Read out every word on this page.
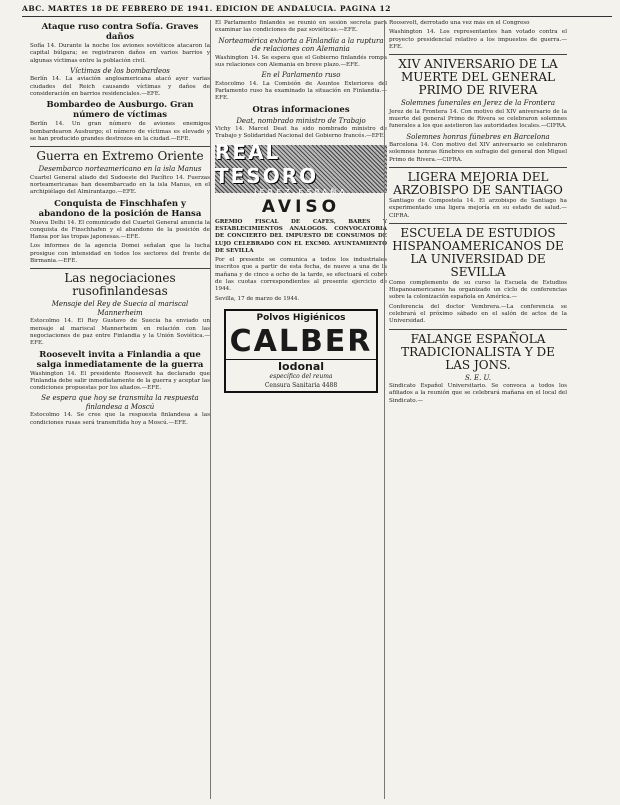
ABC. MARTES 18 DE FEBRERO DE 1941. EDICION DE ANDALUCIA. PAGINA 12
Ataque ruso contra Sofía. Graves daños
Sofía 14. Durante la noche los aviones soviéticos atacaron la capital búlgara; se registraron daños en varios barrios y algunas víctimas entre la población civil.
Víctimas de los bombardeos
Berlín 14. La aviación angloamericana atacó ayer varias ciudades del Reich causando víctimas y daños de consideración en barrios residenciales.—EFE.
Bombardeo de Ausburgo. Gran número de víctimas
Berlín 14. Un gran número de aviones enemigos bombardearon Ausburgo; el número de víctimas es elevado y se han producido grandes destrozos en la ciudad.—EFE.
Guerra en Extremo Oriente
Desembarco norteamericano en la isla Manus
Cuartel General aliado del Sudoeste del Pacífico 14. Fuerzas norteamericanas han desembarcado en la isla Manus, en el archipiélago del Almirantazgo.—EFE.
Conquista de Finschhafen y abandono de la posición de Hansa
Nueva Delhi 14. El comunicado del Cuartel General anuncia la conquista de Finschhafen y el abandono de la posición de Hansa por las tropas japonesas.—EFE.
Los informes de la agencia Domei señalan que la lucha prosigue con intensidad en todos los sectores del frente de Birmania.—EFE.
Las negociaciones rusofinlandesas
Mensaje del Rey de Suecia al mariscal Mannerheim
Estocolmo 14. El Rey Gustavo de Suecia ha enviado un mensaje al mariscal Mannerheim en relación con las negociaciones de paz entre Finlandia y la Unión Soviética.—EFE.
Roosevelt invita a Finlandia a que salga inmediatamente de la guerra
Washington 14. El presidente Roosevelt ha declarado que Finlandia debe salir inmediatamente de la guerra y aceptar las condiciones propuestas por los aliados.—EFE.
Se espera que hoy se transmita la respuesta finlandesa a Moscú
Estocolmo 14. Se cree que la respuesta finlandesa a las condiciones rusas será transmitida hoy a Moscú.—EFE.
El Parlamento finlandés se reunió en sesión secreta para examinar las condiciones de paz soviéticas.—EFE.
Norteamérica exhorta a Finlandia a la ruptura de relaciones con Alemania
Washington 14. Se espera que el Gobierno finlandés rompa sus relaciones con Alemania en breve plazo.—EFE.
En el Parlamento ruso
Estocolmo 14. La Comisión de Asuntos Exteriores del Parlamento ruso ha examinado la situación en Finlandia.—EFE.
Otras informaciones
Deat, nombrado ministro de Trabajo
Vichy 14. Marcel Deat ha sido nombrado ministro de Trabajo y Solidaridad Nacional del Gobierno francés.—EFE.
REAL TESORO
JEREZ-ESPAÑA
AVISO
GREMIO FISCAL DE CAFES, BARES Y ESTABLECIMIENTOS ANALOGOS. CONVOCATORIA DE CONCIERTO DEL IMPUESTO DE CONSUMOS DE LUJO CELEBRADO CON EL EXCMO. AYUNTAMIENTO DE SEVILLA
Por el presente se comunica a todos los industriales inscritos que a partir de esta fecha, de nueve a una de la mañana y de cinco a ocho de la tarde, se efectuará el cobro de las cuotas correspondientes al presente ejercicio de 1944.
Sevilla, 17 de marzo de 1944.
Polvos Higiénicos
CALBER
Iodonal
específico del reuma
Censura Sanitaria 4488
Roosevelt, derrotado una vez más en el Congreso
Washington 14. Los representantes han votado contra el proyecto presidencial relativo a los impuestos de guerra.—EFE.
XIV ANIVERSARIO DE LA MUERTE DEL GENERAL PRIMO DE RIVERA
Solemnes funerales en Jerez de la Frontera
Jerez de la Frontera 14. Con motivo del XIV aniversario de la muerte del general Primo de Rivera se celebraron solemnes funerales a los que asistieron las autoridades locales.—CIFRA.
Solemnes honras fúnebres en Barcelona
Barcelona 14. Con motivo del XIV aniversario se celebraron solemnes honras fúnebres en sufragio del general don Miguel Primo de Rivera.—CIFRA.
LIGERA MEJORIA DEL ARZOBISPO DE SANTIAGO
Santiago de Compostela 14. El arzobispo de Santiago ha experimentado una ligera mejoría en su estado de salud.—CIFRA.
ESCUELA DE ESTUDIOS HISPANOAMERICANOS DE LA UNIVERSIDAD DE SEVILLA
Como complemento de su curso la Escuela de Estudios Hispanoamericanos ha organizado un ciclo de conferencias sobre la colonización española en América.—
Conferencia del doctor Vembrera.—La conferencia se celebrará el próximo sábado en el salón de actos de la Universidad.
FALANGE ESPAÑOLA TRADICIONALISTA Y DE LAS JONS.
S. E. U.
Sindicato Español Universitario. Se convoca a todos los afiliados a la reunión que se celebrará mañana en el local del Sindicato.—
